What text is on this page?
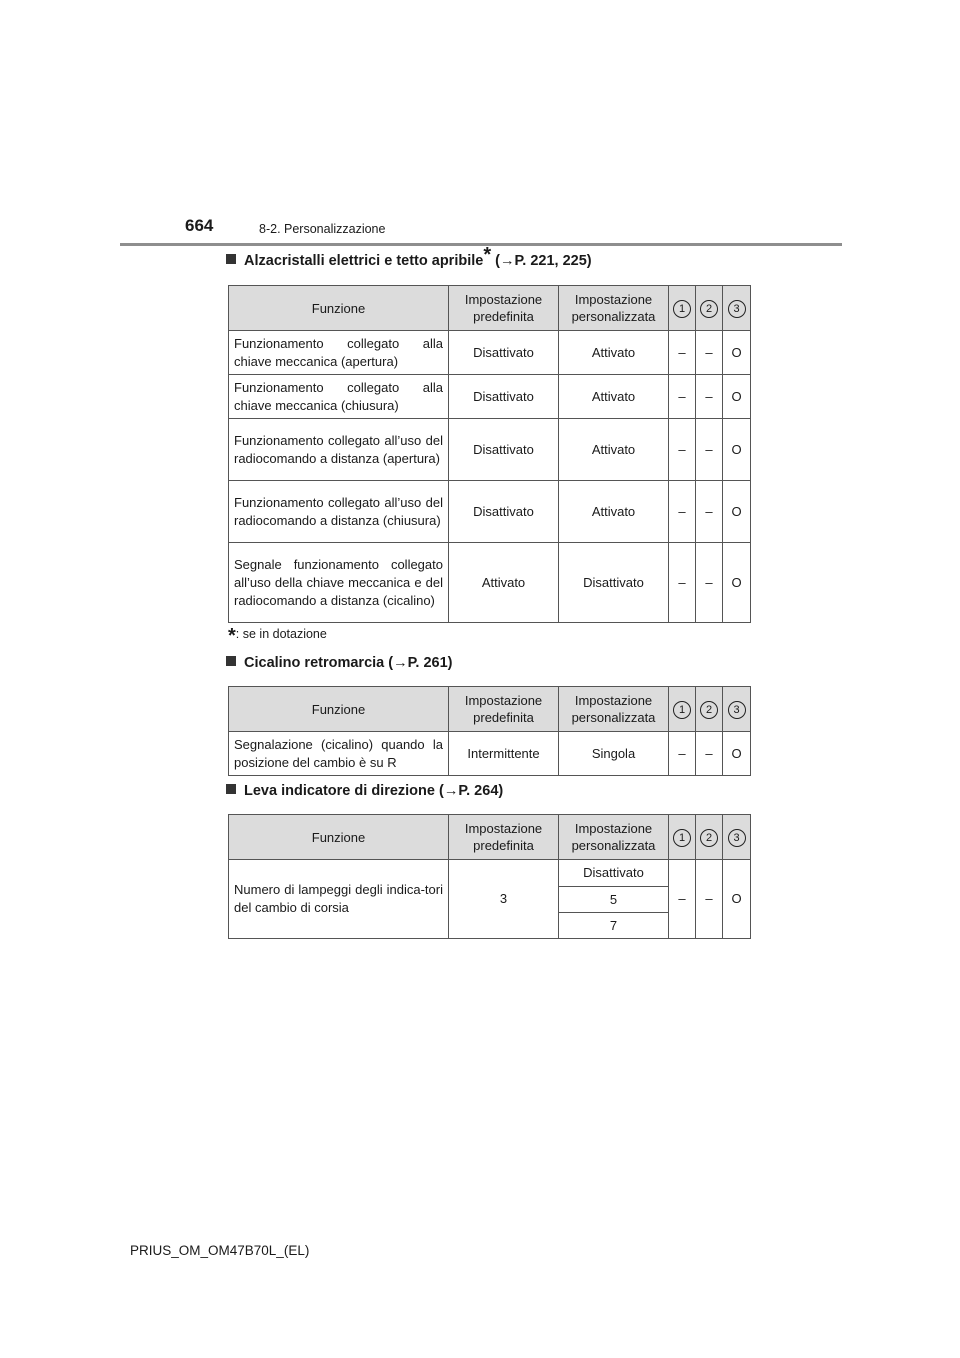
664	8-2. Personalizzazione
Alzacristalli elettrici e tetto apribile* (→P. 221, 225)
Funzione	Impostazione predefinita	Impostazione personalizzata	1	2	3
Funzionamento collegato alla chiave meccanica (apertura)	Disattivato	Attivato	–	–	O
Funzionamento collegato alla chiave meccanica (chiusura)	Disattivato	Attivato	–	–	O
Funzionamento collegato all’uso del radiocomando a distanza (apertura)	Disattivato	Attivato	–	–	O
Funzionamento collegato all’uso del radiocomando a distanza (chiusura)	Disattivato	Attivato	–	–	O
Segnale funzionamento collegato all’uso della chiave meccanica e del radiocomando a distanza (cicalino)	Attivato	Disattivato	–	–	O
*: se in dotazione
Cicalino retromarcia (→P. 261)
Funzione	Impostazione predefinita	Impostazione personalizzata	1	2	3
Segnalazione (cicalino) quando la posizione del cambio è su R	Intermittente	Singola	–	–	O
Leva indicatore di direzione (→P. 264)
Funzione	Impostazione predefinita	Impostazione personalizzata	1	2	3
Numero di lampeggi degli indica-tori del cambio di corsia	3	Disattivato	–	–	O
		5			
		7			
PRIUS_OM_OM47B70L_(EL)
